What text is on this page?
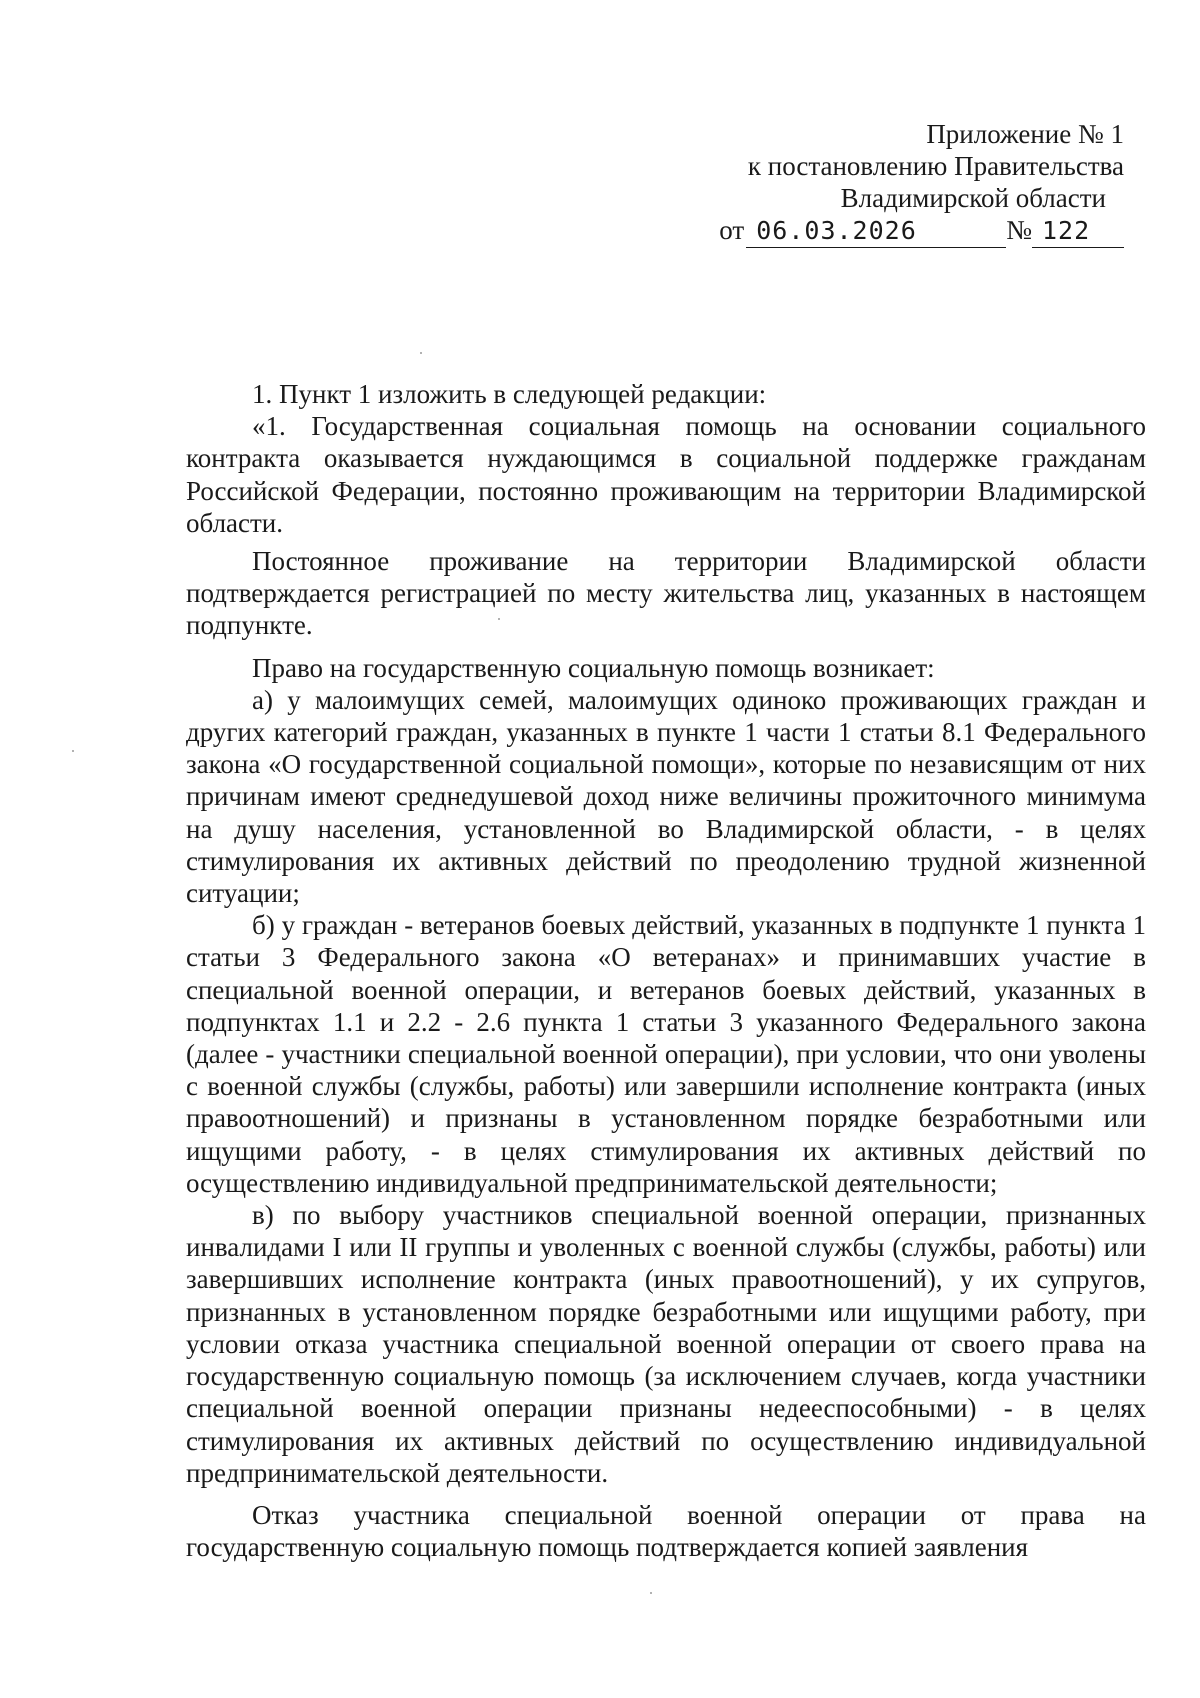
Приложение № 1
к постановлению Правительства
Владимирской области
от 06.03.2026	№ 122

1. Пункт 1 изложить в следующей редакции:

«1. Государственная социальная помощь на основании социального контракта оказывается нуждающимся в социальной поддержке гражданам Российской Федерации, постоянно проживающим на территории Владимирской области.

Постоянное проживание на территории Владимирской области подтверждается регистрацией по месту жительства лиц, указанных в настоящем подпункте.

Право на государственную социальную помощь возникает:

а) у малоимущих семей, малоимущих одиноко проживающих граждан и других категорий граждан, указанных в пункте 1 части 1 статьи 8.1 Федерального закона «О государственной социальной помощи», которые по независящим от них причинам имеют среднедушевой доход ниже величины прожиточного минимума на душу населения, установленной во Владимирской области, - в целях стимулирования их активных действий по преодолению трудной жизненной ситуации;

б) у граждан - ветеранов боевых действий, указанных в подпункте 1 пункта 1 статьи 3 Федерального закона «О ветеранах» и принимавших участие в специальной военной операции, и ветеранов боевых действий, указанных в подпунктах 1.1 и 2.2 - 2.6 пункта 1 статьи 3 указанного Федерального закона (далее - участники специальной военной операции), при условии, что они уволены с военной службы (службы, работы) или завершили исполнение контракта (иных правоотношений) и признаны в установленном порядке безработными или ищущими работу, - в целях стимулирования их активных действий по осуществлению индивидуальной предпринимательской деятельности;

в) по выбору участников специальной военной операции, признанных инвалидами I или II группы и уволенных с военной службы (службы, работы) или завершивших исполнение контракта (иных правоотношений), у их супругов, признанных в установленном порядке безработными или ищущими работу, при условии отказа участника специальной военной операции от своего права на государственную социальную помощь (за исключением случаев, когда участники специальной военной операции признаны недееспособными) - в целях стимулирования их активных действий по осуществлению индивидуальной предпринимательской деятельности.

Отказ участника специальной военной операции от права на государственную социальную помощь подтверждается копией заявления
